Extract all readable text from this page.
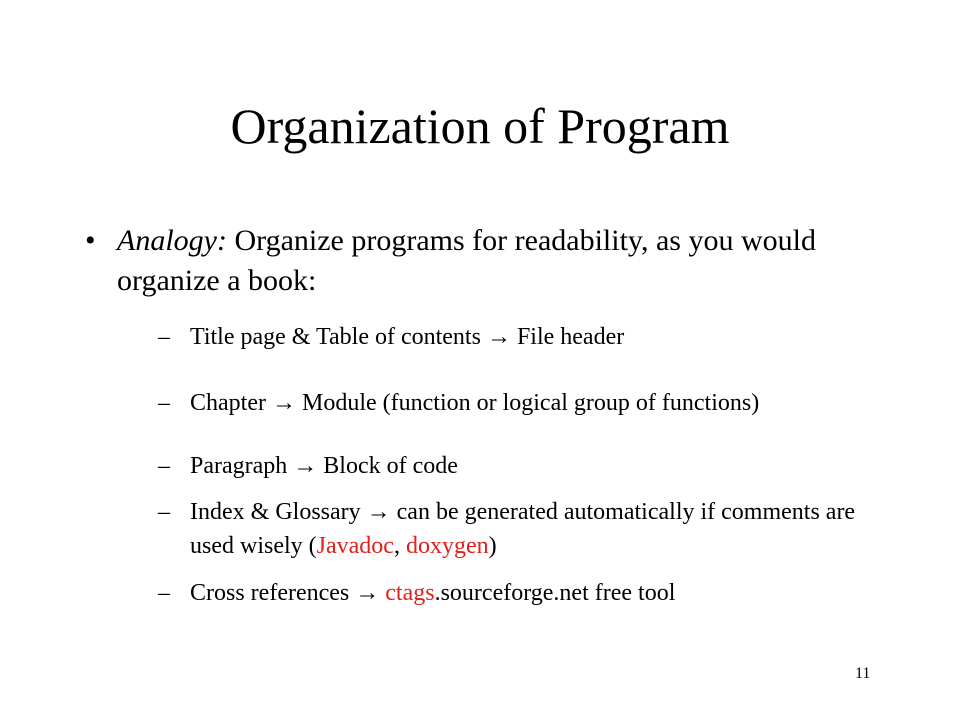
Organization of Program
• Analogy: Organize programs for readability, as you would organize a book:
– Title page & Table of contents → File header
– Chapter → Module (function or logical group of functions)
– Paragraph → Block of code
– Index & Glossary → can be generated automatically if comments are used wisely (Javadoc, doxygen)
– Cross references → ctags.sourceforge.net free tool
11
